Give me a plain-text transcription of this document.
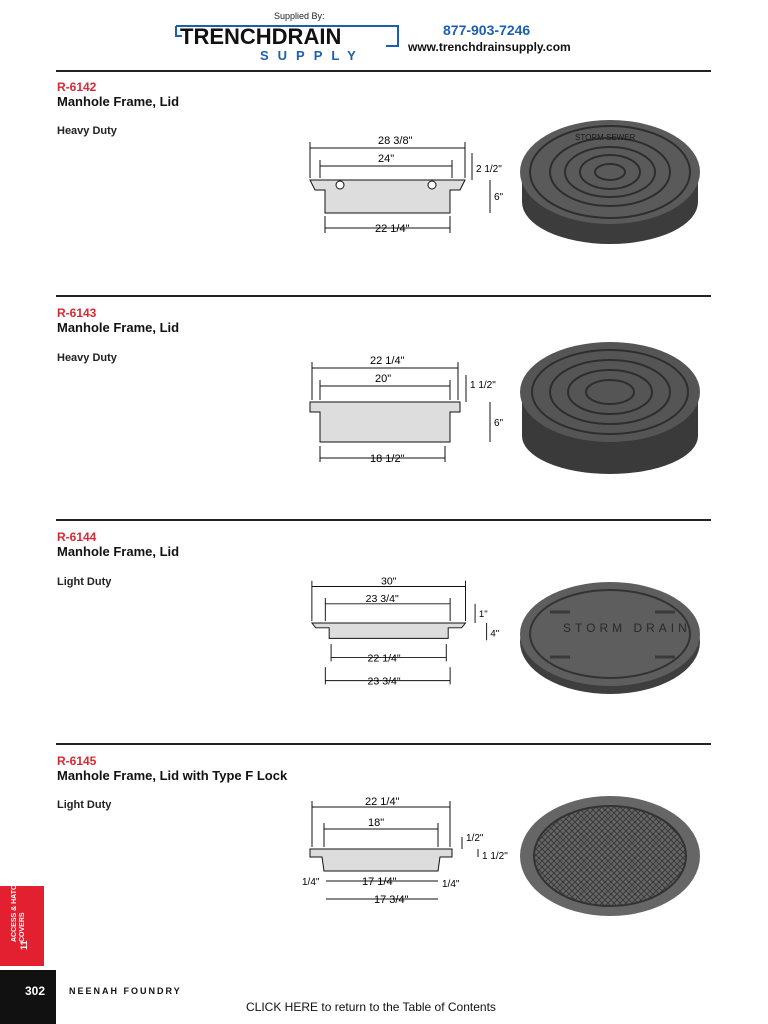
Supplied By:
TRENCHDRAIN
SUPPLY
877-903-7246
www.trenchdrainsupply.com
R-6142
Manhole Frame, Lid
Heavy Duty
28 3/8"
24"
22 1/4"
2 1/2"
6"
STORM SEWER
R-6143
Manhole Frame, Lid
Heavy Duty	22 1/4"
20"
18 1/2"
1 1/2"
6"
R-6144
Manhole Frame, Lid
Light Duty	30"
23 3/4"
22 1/4"
23 3/4"
1"
4"	STORM DRAIN
R-6145
Manhole Frame, Lid with Type F Lock
Light Duty	22 1/4"
18"
17 1/4"
17 3/4"
1/4"	1/4"
1/2"
1 1/2"
ACCESS & HATCH COVERS
11
302	NEENAH FOUNDRY
CLICK HERE to return to the Table of Contents
